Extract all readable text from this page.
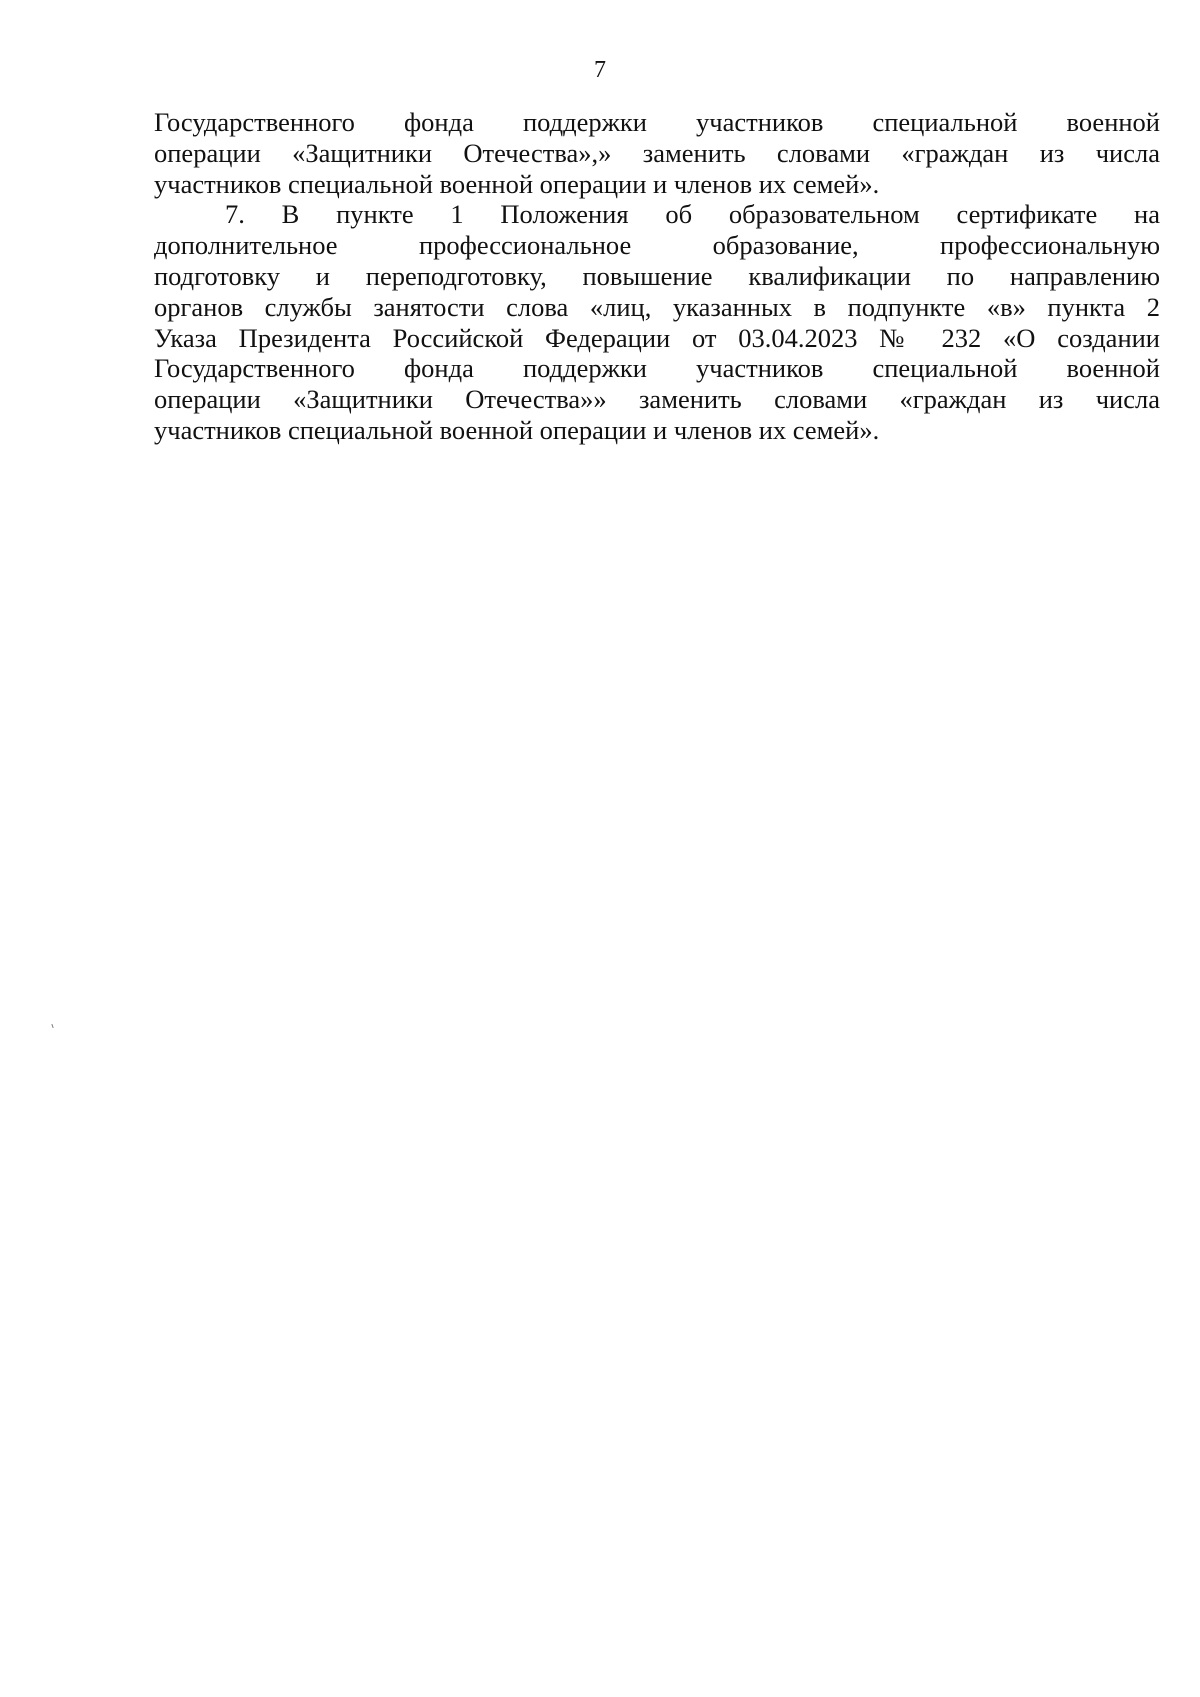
7
Государственного фонда поддержки участников специальной военной
операции «Защитники Отечества»,» заменить словами «граждан из числа
участников специальной военной операции и членов их семей».
7. В пункте 1 Положения об образовательном сертификате на
дополнительное профессиональное образование, профессиональную
подготовку и переподготовку, повышение квалификации по направлению
органов службы занятости слова «лиц, указанных в подпункте «в» пункта 2
Указа Президента Российской Федерации от 03.04.2023 № 232 «О создании
Государственного фонда поддержки участников специальной военной
операции «Защитники Отечества»» заменить словами «граждан из числа
участников специальной военной операции и членов их семей».
